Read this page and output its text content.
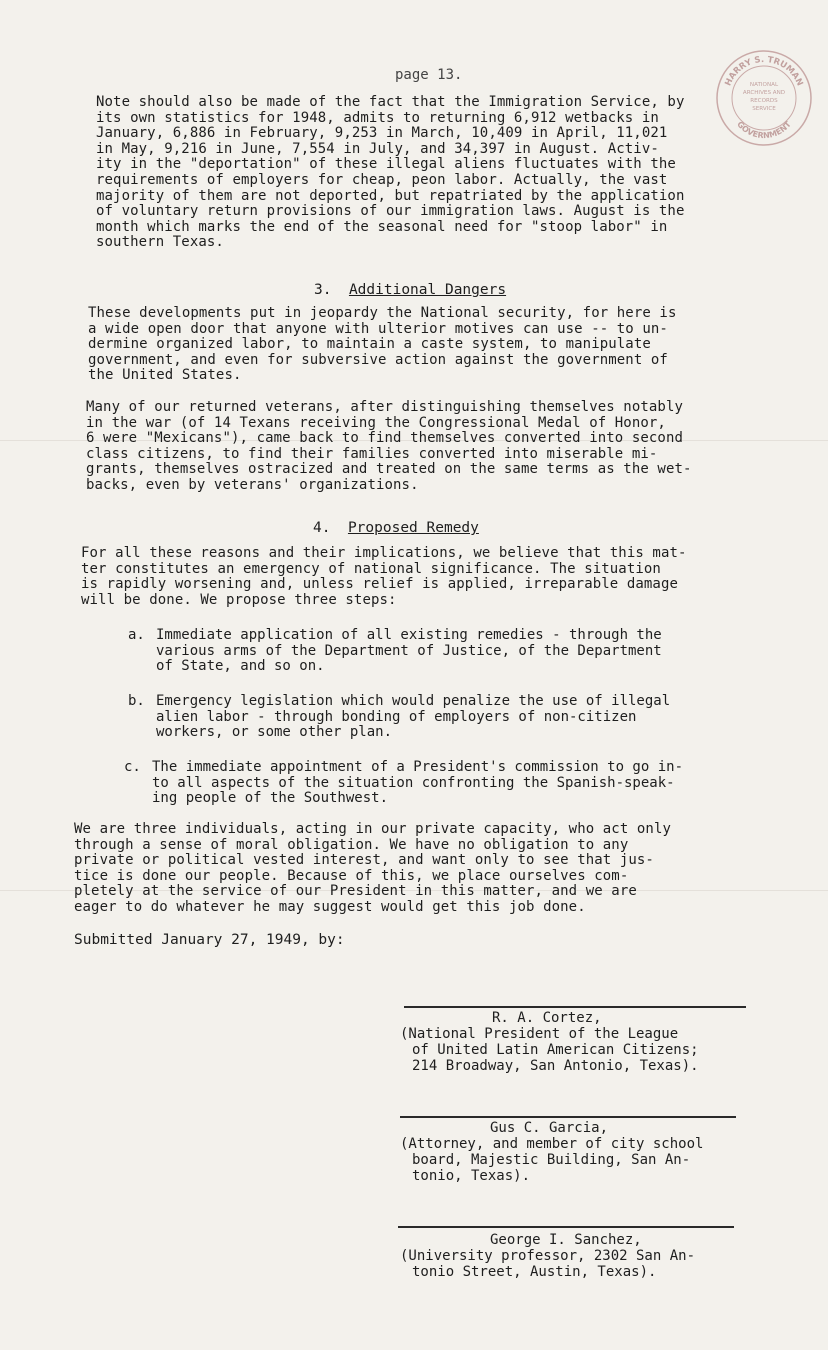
page 13.	HARRY S. TRUMAN
GOVERNMENT
NATIONAL
ARCHIVES AND
RECORDS
SERVICE
Note should also be made of the fact that the Immigration Service, by
its own statistics for 1948, admits to returning 6,912 wetbacks in
January, 6,886 in February, 9,253 in March, 10,409 in April, 11,021
in May, 9,216 in June, 7,554 in July, and 34,397 in August. Activ-
ity in the "deportation" of these illegal aliens fluctuates with the
requirements of employers for cheap, peon labor. Actually, the vast
majority of them are not deported, but repatriated by the application
of voluntary return provisions of our immigration laws. August is the
month which marks the end of the seasonal need for "stoop labor" in
southern Texas.
3. Additional Dangers
These developments put in jeopardy the National security, for here is
a wide open door that anyone with ulterior motives can use -- to un-
dermine organized labor, to maintain a caste system, to manipulate
government, and even for subversive action against the government of
the United States.
Many of our returned veterans, after distinguishing themselves notably
in the war (of 14 Texans receiving the Congressional Medal of Honor,
6 were "Mexicans"), came back to find themselves converted into second
class citizens, to find their families converted into miserable mi-
grants, themselves ostracized and treated on the same terms as the wet-
backs, even by veterans' organizations.
4. Proposed Remedy
For all these reasons and their implications, we believe that this mat-
ter constitutes an emergency of national significance. The situation
is rapidly worsening and, unless relief is applied, irreparable damage
will be done. We propose three steps:
a. Immediate application of all existing remedies - through the
various arms of the Department of Justice, of the Department
of State, and so on.
b. Emergency legislation which would penalize the use of illegal
alien labor - through bonding of employers of non-citizen
workers, or some other plan.
c. The immediate appointment of a President's commission to go in-
to all aspects of the situation confronting the Spanish-speak-
ing people of the Southwest.
We are three individuals, acting in our private capacity, who act only
through a sense of moral obligation. We have no obligation to any
private or political vested interest, and want only to see that jus-
tice is done our people. Because of this, we place ourselves com-
pletely at the service of our President in this matter, and we are
eager to do whatever he may suggest would get this job done.
Submitted January 27, 1949, by:
R. A. Cortez,
(National President of the League
of United Latin American Citizens;
214 Broadway, San Antonio, Texas).
Gus C. Garcia,
(Attorney, and member of city school
board, Majestic Building, San An-
tonio, Texas).
George I. Sanchez,
(University professor, 2302 San An-
tonio Street, Austin, Texas).
